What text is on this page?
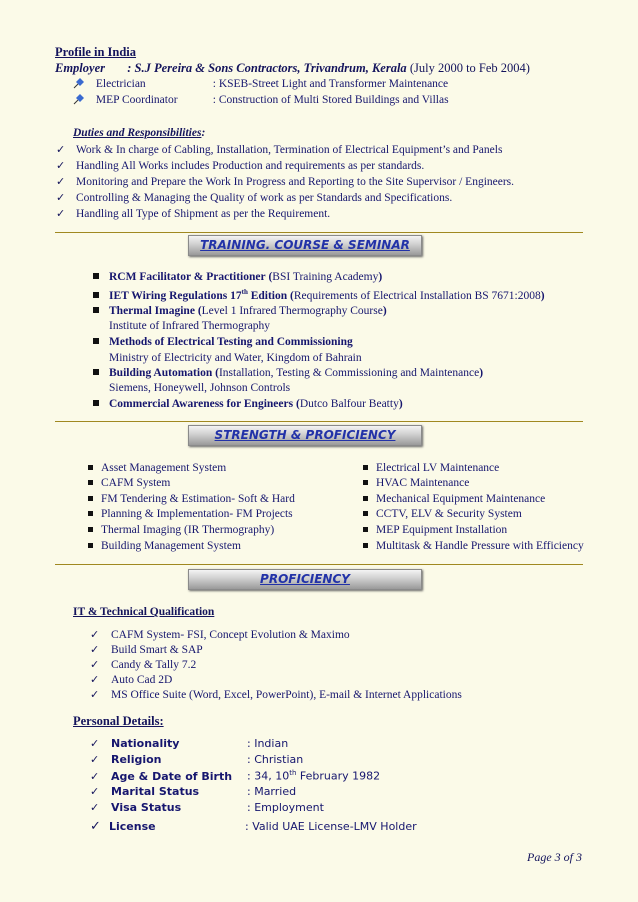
Profile in India
Employer : S.J Pereira & Sons Contractors, Trivandrum, Kerala (July 2000 to Feb 2004)
Electrician	: KSEB-Street Light and Transformer Maintenance
MEP Coordinator	: Construction of Multi Stored Buildings and Villas
Duties and Responsibilities:
✓ Work & In charge of Cabling, Installation, Termination of Electrical Equipment’s and Panels
✓ Handling All Works includes Production and requirements as per standards.
✓ Monitoring and Prepare the Work In Progress and Reporting to the Site Supervisor / Engineers.
✓ Controlling & Managing the Quality of work as per Standards and Specifications.
✓ Handling all Type of Shipment as per the Requirement.
TRAINING. COURSE & SEMINAR
RCM Facilitator & Practitioner (BSI Training Academy)
IET Wiring Regulations 17th Edition (Requirements of Electrical Installation BS 7671:2008)
Thermal Imagine (Level 1 Infrared Thermography Course)
Institute of Infrared Thermography
Methods of Electrical Testing and Commissioning
Ministry of Electricity and Water, Kingdom of Bahrain
Building Automation (Installation, Testing & Commissioning and Maintenance)
Siemens, Honeywell, Johnson Controls
Commercial Awareness for Engineers (Dutco Balfour Beatty)
STRENGTH & PROFICIENCY
Asset Management System
CAFM System
FM Tendering & Estimation- Soft & Hard
Planning & Implementation- FM Projects
Thermal Imaging (IR Thermography)
Building Management System
Electrical LV Maintenance
HVAC Maintenance
Mechanical Equipment Maintenance
CCTV, ELV & Security System
MEP Equipment Installation
Multitask & Handle Pressure with Efficiency
PROFICIENCY
IT & Technical Qualification
✓ CAFM System- FSI, Concept Evolution & Maximo
✓ Build Smart & SAP
✓ Candy & Tally 7.2
✓ Auto Cad 2D
✓ MS Office Suite (Word, Excel, PowerPoint), E-mail & Internet Applications
Personal Details:
✓ Nationality	: Indian
✓ Religion	: Christian
✓ Age & Date of Birth : 34, 10th February 1982
✓ Marital Status	: Married
✓ Visa Status	: Employment
✓ License	: Valid UAE License-LMV Holder
Page 3 of 3
